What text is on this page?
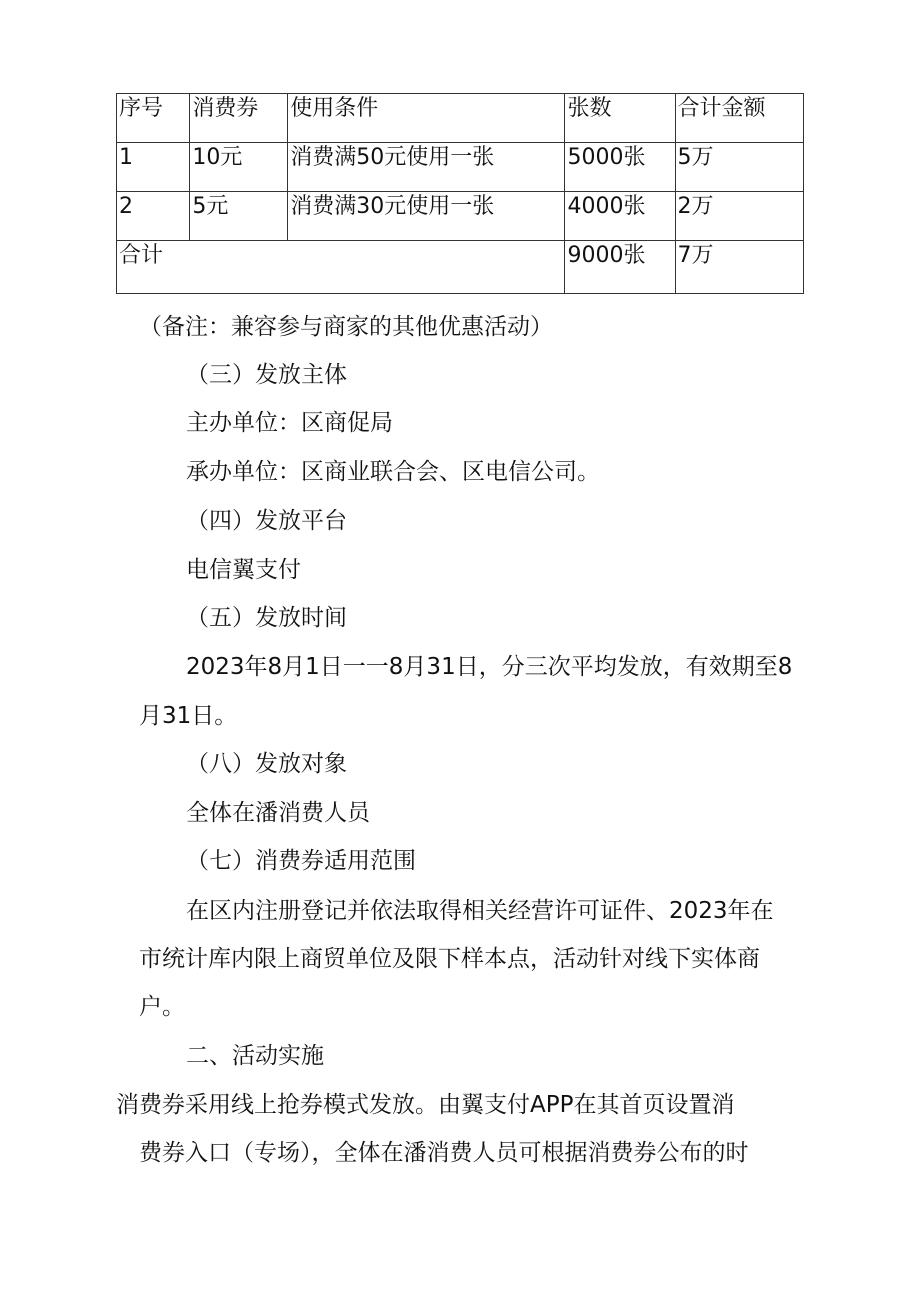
序号	消费券	使用条件	张数	合计金额
1	10元	消费满50元使用一张	5000张	5万
2	5元	消费满30元使用一张	4000张	2万
合计			9000张	7万
（备注：兼容参与商家的其他优惠活动）
（三）发放主体
主办单位：区商促局
承办单位：区商业联合会、区电信公司。
（四）发放平台
电信翼支付
（五）发放时间
2023年8月1日一一8月31日，分三次平均发放，有效期至8
月31日。
（八）发放对象
全体在潘消费人员
（七）消费券适用范围
在区内注册登记并依法取得相关经营许可证件、2023年在
市统计库内限上商贸单位及限下样本点，活动针对线下实体商
户。
二、活动实施
消费券采用线上抢券模式发放。由翼支付APP在其首页设置消
费券入口（专场），全体在潘消费人员可根据消费券公布的时
